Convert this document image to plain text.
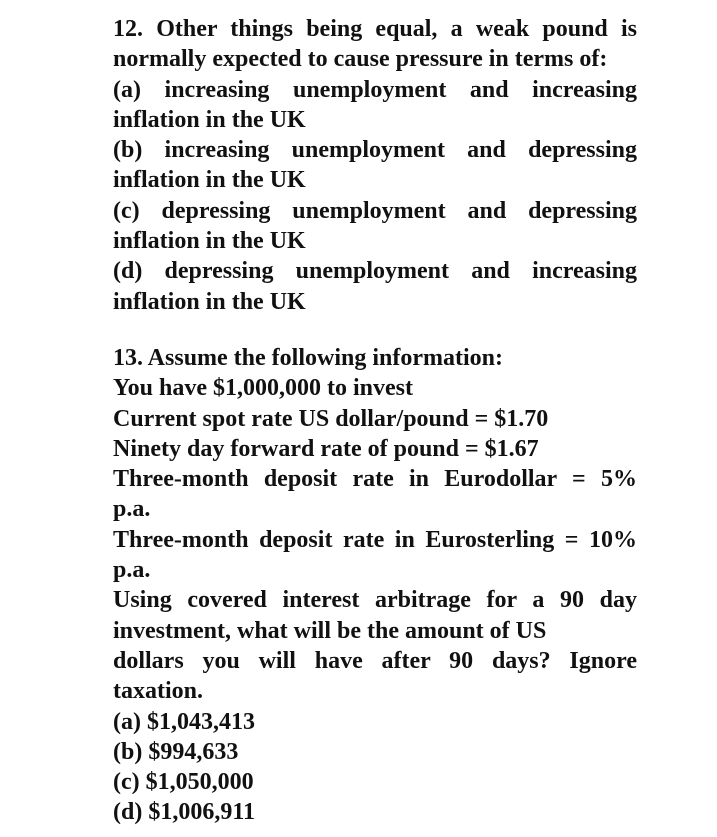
12. Other things being equal, a weak pound is
normally expected to cause pressure in terms of:
(a) increasing unemployment and increasing
inflation in the UK
(b) increasing unemployment and depressing
inflation in the UK
(c) depressing unemployment and depressing
inflation in the UK
(d) depressing unemployment and increasing
inflation in the UK
13. Assume the following information:
You have $1,000,000 to invest
Current spot rate US dollar/pound = $1.70
Ninety day forward rate of pound = $1.67
Three-month deposit rate in Eurodollar = 5%
p.a.
Three-month deposit rate in Eurosterling = 10%
p.a.
Using covered interest arbitrage for a 90 day
investment, what will be the amount of US
dollars you will have after 90 days? Ignore
taxation.
(a) $1,043,413
(b) $994,633
(c) $1,050,000
(d) $1,006,911
